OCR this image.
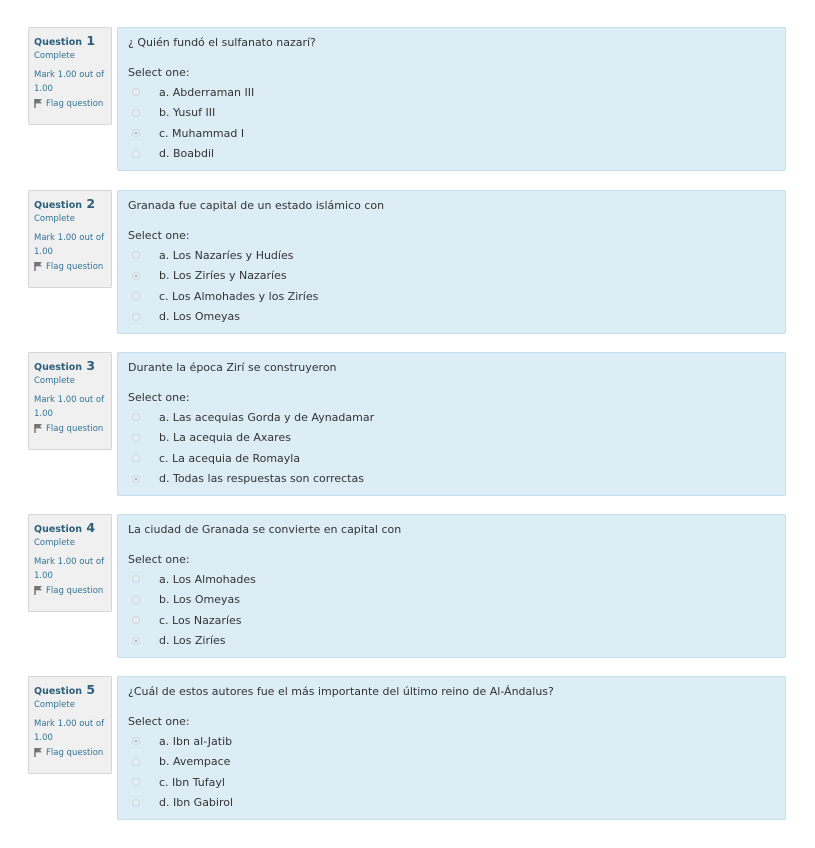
Question 1
Complete
Mark 1.00 out of 1.00
Flag question
¿ Quién fundó el sulfanato nazarí?
Select one:
a. Abderraman III
b. Yusuf III
c. Muhammad I
d. Boabdil
Question 2
Complete
Mark 1.00 out of 1.00
Flag question
Granada fue capital de un estado islámico con
Select one:
a. Los Nazaríes y Hudíes
b. Los Ziríes y Nazaríes
c. Los Almohades y los Ziríes
d. Los Omeyas
Question 3
Complete
Mark 1.00 out of 1.00
Flag question
Durante la época Zirí se construyeron
Select one:
a. Las acequias Gorda y de Aynadamar
b. La acequia de Axares
c. La acequia de Romayla
d. Todas las respuestas son correctas
Question 4
Complete
Mark 1.00 out of 1.00
Flag question
La ciudad de Granada se convierte en capital con
Select one:
a. Los Almohades
b. Los Omeyas
c. Los Nazaríes
d. Los Ziríes
Question 5
Complete
Mark 1.00 out of 1.00
Flag question
¿Cuál de estos autores fue el más importante del último reino de Al-Ándalus?
Select one:
a. Ibn al-Jatib
b. Avempace
c. Ibn Tufayl
d. Ibn Gabirol
